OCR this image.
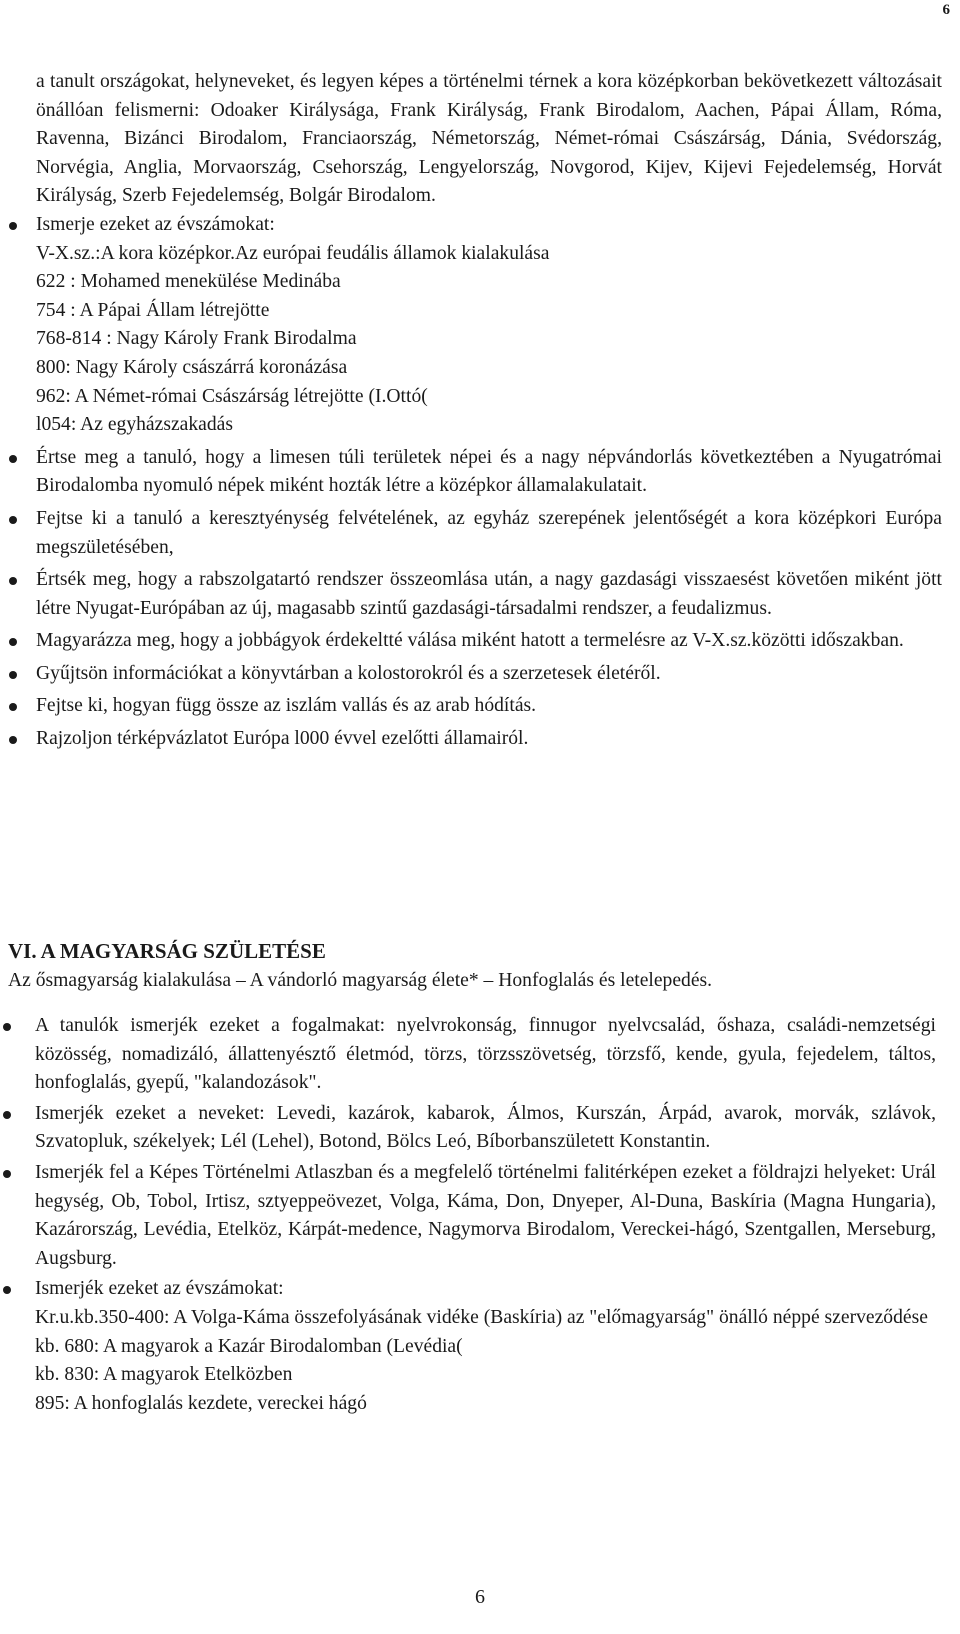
6
a tanult országokat, helyneveket, és legyen képes a történelmi térnek a kora középkorban bekövetkezett változásait önállóan felismerni: Odoaker Királysága, Frank Királyság, Frank Birodalom, Aachen, Pápai Állam, Róma, Ravenna, Bizánci Birodalom, Franciaország, Németország, Német-római Császárság, Dánia, Svédország, Norvégia, Anglia, Morvaország, Csehország, Lengyelország, Novgorod, Kijev, Kijevi Fejedelemség, Horvát Királyság, Szerb Fejedelemség, Bolgár Birodalom.
Ismerje ezeket az évszámokat:
V-X.sz.:A kora középkor.Az európai feudális államok kialakulása
622 : Mohamed menekülése Medinába
754 : A Pápai Állam létrejötte
768-814 : Nagy Károly Frank Birodalma
800: Nagy Károly császárrá koronázása
962: A Német-római Császárság létrejötte (I.Ottó(
l054: Az egyházszakadás
Értse meg a tanuló, hogy a limesen túli területek népei és a nagy népvándorlás következtében a Nyugatrómai Birodalomba nyomuló népek miként hozták létre a középkor államalakulatait.
Fejtse ki a tanuló a keresztyénység felvételének, az egyház szerepének jelentőségét a kora középkori Európa megszületésében,
Értsék meg, hogy a rabszolgatartó rendszer összeomlása után, a nagy gazdasági visszaesést követően miként jött létre Nyugat-Európában az új, magasabb szintű gazdasági-társadalmi rendszer, a feudalizmus.
Magyarázza meg, hogy a jobbágyok érdekeltté válása miként hatott a termelésre az V-X.sz.közötti időszakban.
Gyűjtsön információkat a könyvtárban a kolostorokról és a szerzetesek életéről.
Fejtse ki, hogyan függ össze az iszlám vallás és az arab hódítás.
Rajzoljon térképvázlatot Európa l000 évvel ezelőtti államairól.
VI. A MAGYARSÁG SZÜLETÉSE
Az ősmagyarság kialakulása – A vándorló magyarság élete* – Honfoglalás és letelepedés.
A tanulók ismerjék ezeket a fogalmakat: nyelvrokonság, finnugor nyelvcsalád, őshaza, családi-nemzetségi közösség, nomadizáló, állattenyésztő életmód, törzs, törzsszövetség, törzsfő, kende, gyula, fejedelem, táltos, honfoglalás, gyepű, "kalandozások".
Ismerjék ezeket a neveket: Levedi, kazárok, kabarok, Álmos, Kurszán, Árpád, avarok, morvák, szlávok, Szvatopluk, székelyek; Lél (Lehel), Botond, Bölcs Leó, Bíborbanszületett Konstantin.
Ismerjék fel a Képes Történelmi Atlaszban és a megfelelő történelmi falitérképen ezeket a földrajzi helyeket: Urál hegység, Ob, Tobol, Irtisz, sztyeppeövezet, Volga, Káma, Don, Dnyeper, Al-Duna, Baskíria (Magna Hungaria), Kazárország, Levédia, Etelköz, Kárpát-medence, Nagymorva Birodalom, Vereckei-hágó, Szentgallen, Merseburg, Augsburg.
Ismerjék ezeket az évszámokat:
Kr.u.kb.350-400: A Volga-Káma összefolyásának vidéke (Baskíria) az "előmagyarság" önálló néppé szerveződése
kb. 680: A magyarok a Kazár Birodalomban (Levédia(
kb. 830: A magyarok Etelközben
895: A honfoglalás kezdete, vereckei hágó
6
